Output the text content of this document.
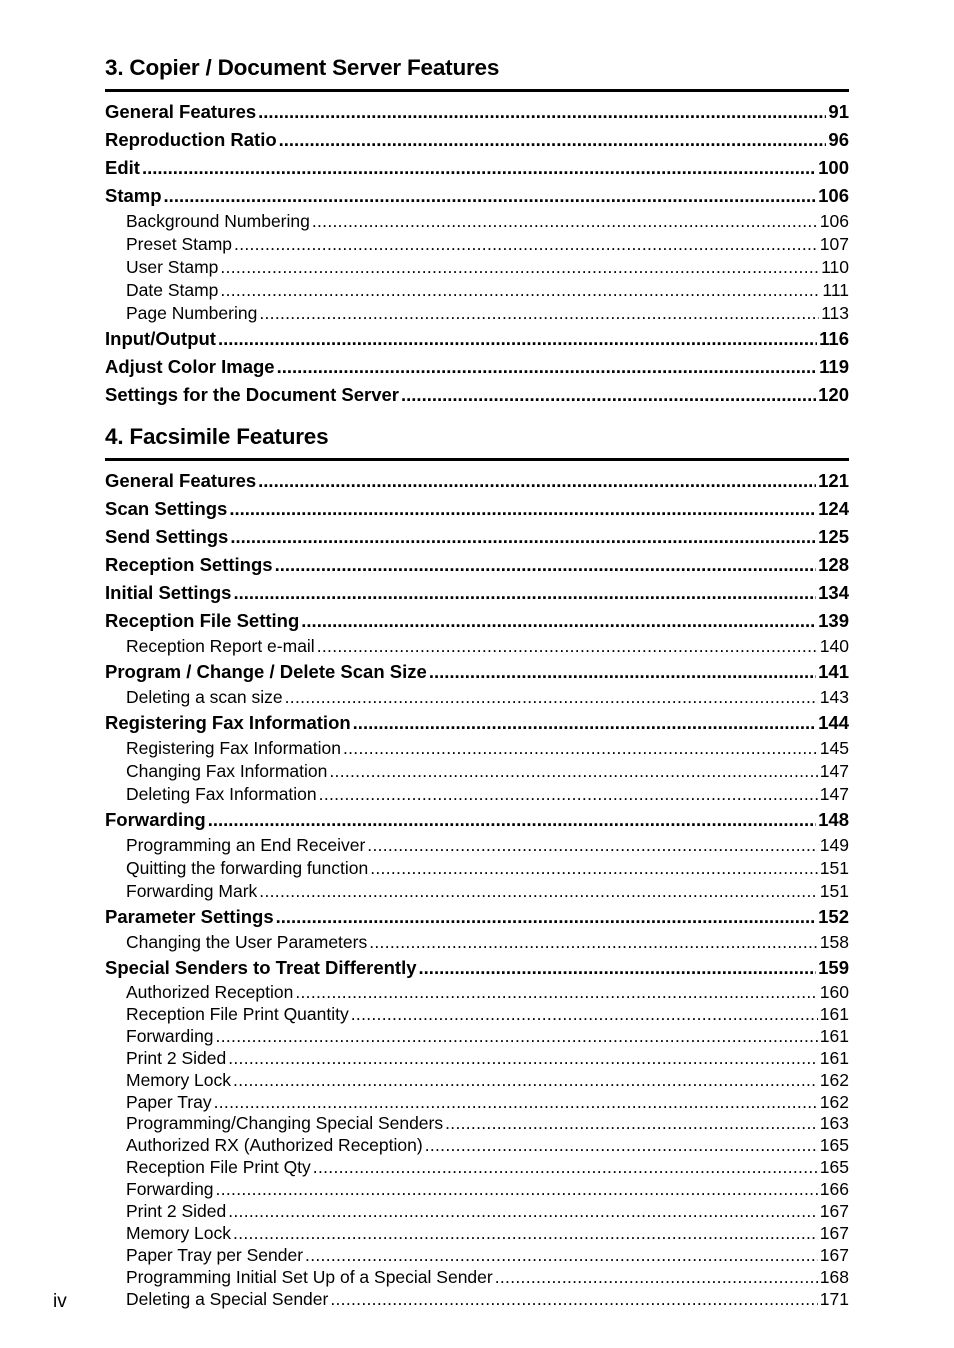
3. Copier / Document Server Features
General Features .....	91
Reproduction Ratio .....	96
Edit .....	100
Stamp .....	106
Background Numbering .....	106
Preset Stamp .....	107
User Stamp .....	110
Date Stamp .....	111
Page Numbering .....	113
Input/Output .....	116
Adjust Color Image .....	119
Settings for the Document Server .....	120
4. Facsimile Features
General Features .....	121
Scan Settings .....	124
Send Settings .....	125
Reception Settings .....	128
Initial Settings .....	134
Reception File Setting .....	139
Reception Report e-mail .....	140
Program / Change / Delete Scan Size .....	141
Deleting a scan size .....	143
Registering Fax Information .....	144
Registering Fax Information .....	145
Changing Fax Information .....	147
Deleting Fax Information .....	147
Forwarding .....	148
Programming an End Receiver .....	149
Quitting the forwarding function .....	151
Forwarding Mark .....	151
Parameter Settings .....	152
Changing the User Parameters .....	158
Special Senders to Treat Differently .....	159
Authorized Reception .....	160
Reception File Print Quantity .....	161
Forwarding .....	161
Print 2 Sided .....	161
Memory Lock .....	162
Paper Tray .....	162
Programming/Changing Special Senders .....	163
Authorized RX (Authorized Reception) .....	165
Reception File Print Qty .....	165
Forwarding .....	166
Print 2 Sided .....	167
Memory Lock .....	167
Paper Tray per Sender .....	167
Programming Initial Set Up of a Special Sender .....	168
Deleting a Special Sender .....	171
iv
